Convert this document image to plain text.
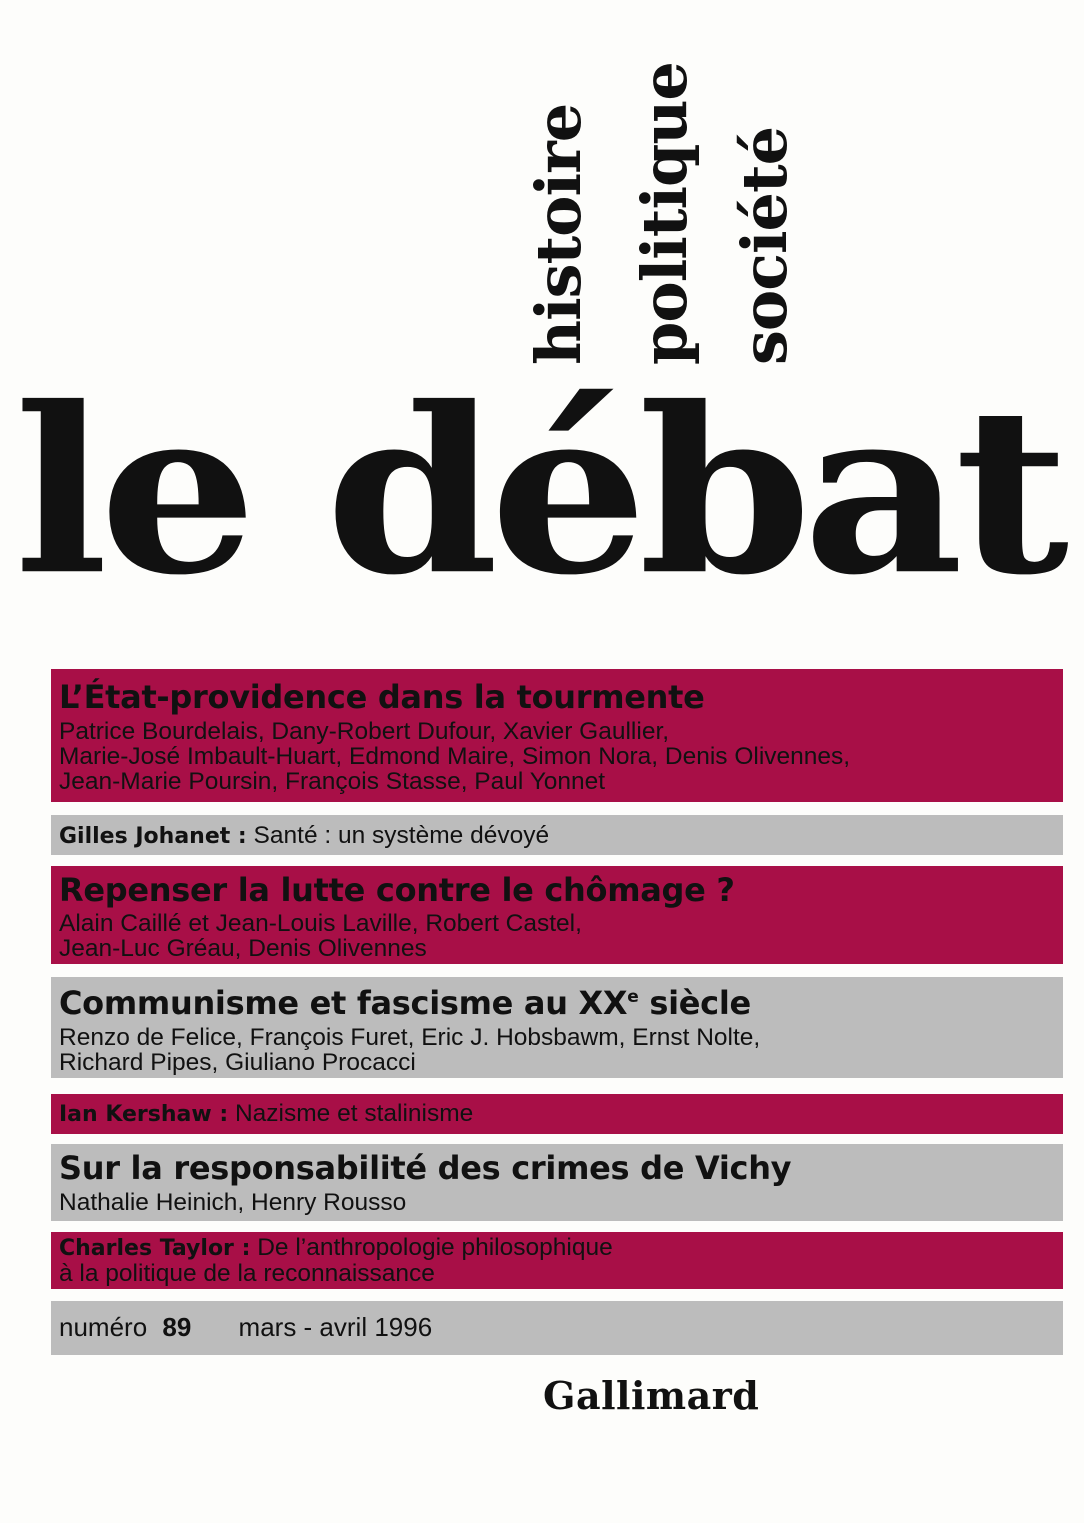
histoire politique société
le débat
L’État-providence dans la tourmente
Patrice Bourdelais, Dany-Robert Dufour, Xavier Gaullier,
Marie-José Imbault-Huart, Edmond Maire, Simon Nora, Denis Olivennes,
Jean-Marie Poursin, François Stasse, Paul Yonnet
Gilles Johanet : Santé : un système dévoyé
Repenser la lutte contre le chômage ?
Alain Caillé et Jean-Louis Laville, Robert Castel,
Jean-Luc Gréau, Denis Olivennes
Communisme et fascisme au XXe siècle
Renzo de Felice, François Furet, Eric J. Hobsbawm, Ernst Nolte,
Richard Pipes, Giuliano Procacci
Ian Kershaw : Nazisme et stalinisme
Sur la responsabilité des crimes de Vichy
Nathalie Heinich, Henry Rousso
Charles Taylor : De l’anthropologie philosophique
à la politique de la reconnaissance
numéro 89 mars - avril 1996
Gallimard
